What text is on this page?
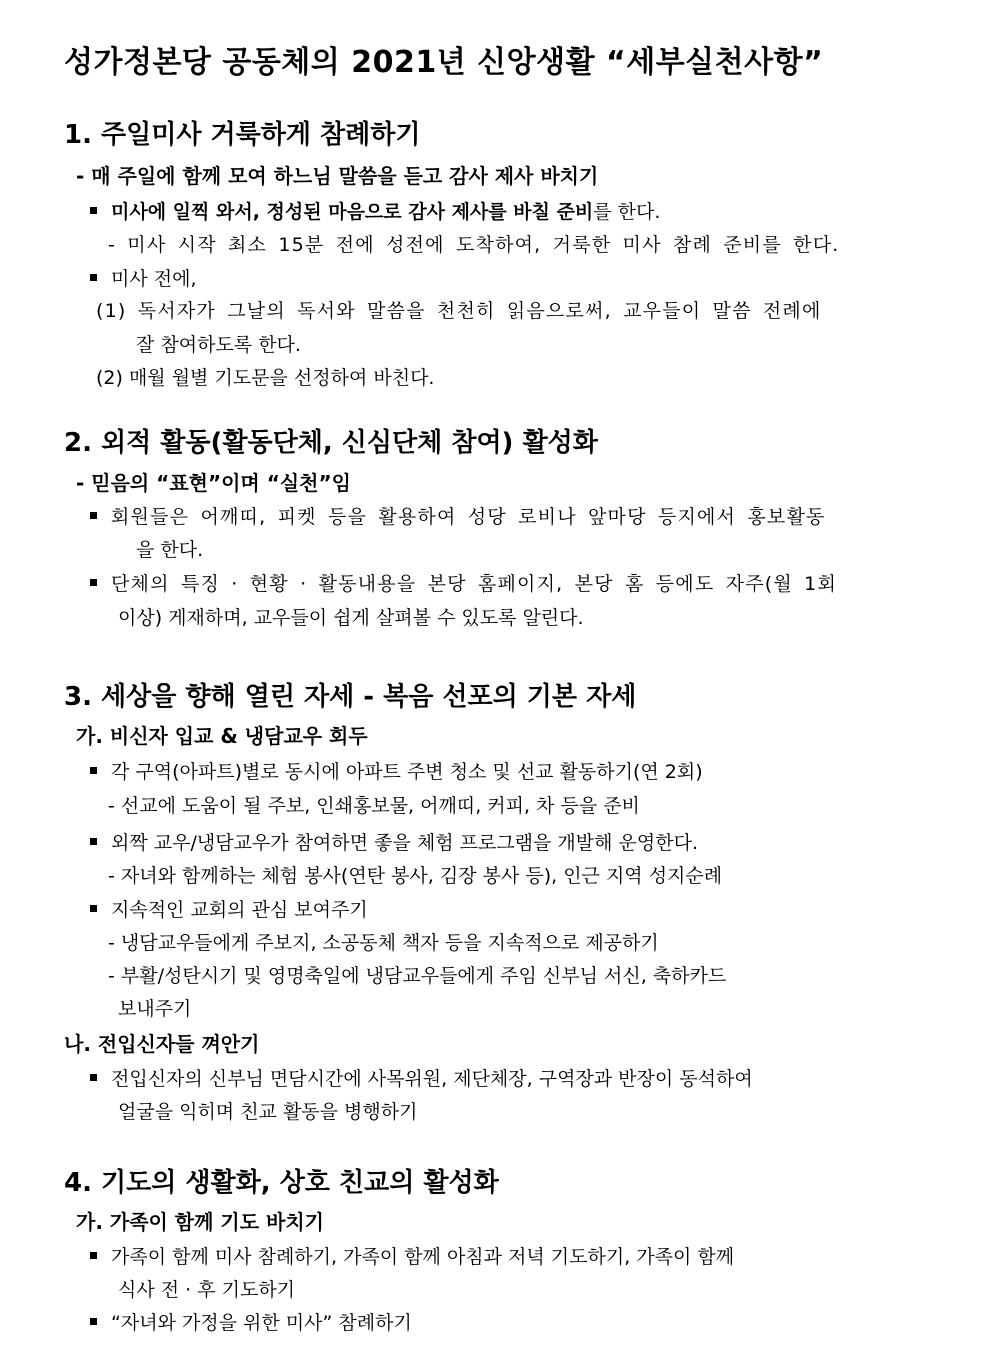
성가정본당 공동체의 2021년 신앙생활 “세부실천사항”
1. 주일미사 거룩하게 참례하기
- 매 주일에 함께 모여 하느님 말씀을 듣고 감사 제사 바치기
미사에 일찍 와서, 정성된 마음으로 감사 제사를 바칠 준비를 한다.
- 미사 시작 최소 15분 전에 성전에 도착하여, 거룩한 미사 참례 준비를 한다.
미사 전에,
(1) 독서자가 그날의 독서와 말씀을 천천히 읽음으로써, 교우들이 말씀 전례에
잘 참여하도록 한다.
(2) 매월 월별 기도문을 선정하여 바친다.
2. 외적 활동(활동단체, 신심단체 참여) 활성화
- 믿음의 “표현”이며 “실천”임
회원들은 어깨띠, 피켓 등을 활용하여 성당 로비나 앞마당 등지에서 홍보활동
을 한다.
단체의 특징 · 현황 · 활동내용을 본당 홈페이지, 본당 홈 등에도 자주(월 1회
이상) 게재하며, 교우들이 쉽게 살펴볼 수 있도록 알린다.
3. 세상을 향해 열린 자세 - 복음 선포의 기본 자세
가. 비신자 입교 & 냉담교우 회두
각 구역(아파트)별로 동시에 아파트 주변 청소 및 선교 활동하기(연 2회)
- 선교에 도움이 될 주보, 인쇄홍보물, 어깨띠, 커피, 차 등을 준비
외짝 교우/냉담교우가 참여하면 좋을 체험 프로그램을 개발해 운영한다.
- 자녀와 함께하는 체험 봉사(연탄 봉사, 김장 봉사 등), 인근 지역 성지순례
지속적인 교회의 관심 보여주기
- 냉담교우들에게 주보지, 소공동체 책자 등을 지속적으로 제공하기
- 부활/성탄시기 및 영명축일에 냉담교우들에게 주임 신부님 서신, 축하카드
보내주기
나. 전입신자들 껴안기
전입신자의 신부님 면담시간에 사목위원, 제단체장, 구역장과 반장이 동석하여
얼굴을 익히며 친교 활동을 병행하기
4. 기도의 생활화, 상호 친교의 활성화
가. 가족이 함께 기도 바치기
가족이 함께 미사 참례하기, 가족이 함께 아침과 저녁 기도하기, 가족이 함께
식사 전 · 후 기도하기
“자녀와 가정을 위한 미사” 참례하기
